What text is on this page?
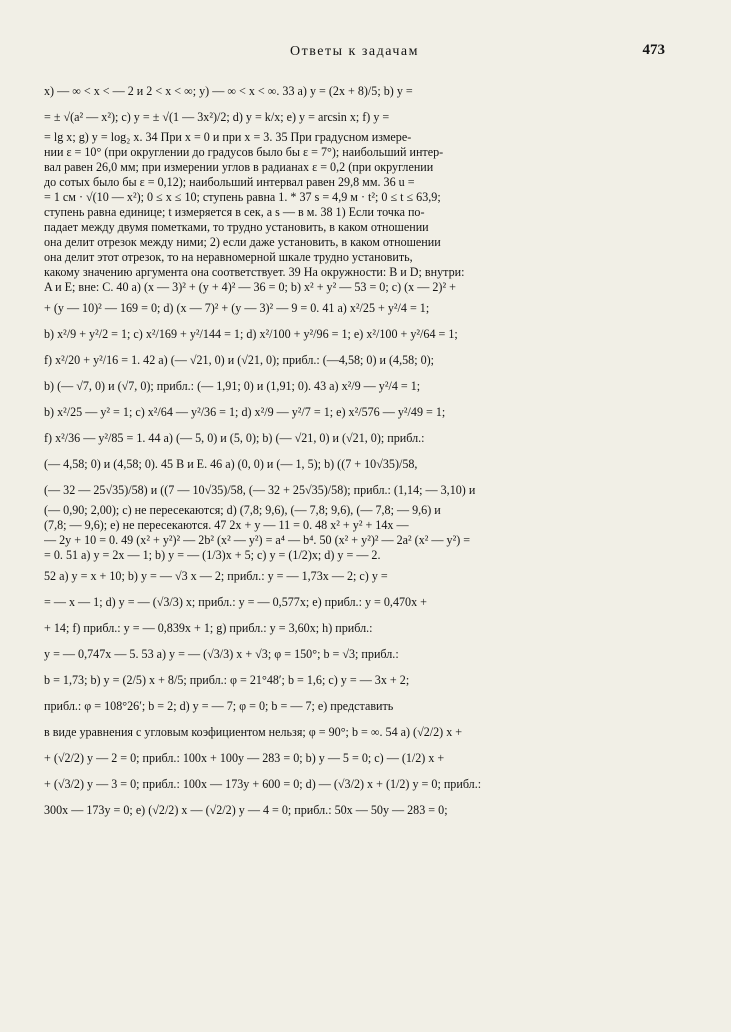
Ответы к задачам	473

x) — ∞ < x < — 2 и 2 < x < ∞; у) — ∞ < x < ∞. 33 a) y = (2x + 8)/5; b) y =

= ± √(a² — x²); c) y = ± √(1 — 3x²)/2; d) y = k/x; e) y = arcsin x; f) y =

= lg x; g) y = log₂ x. 34 При x = 0 и при x = 3. 35 При градусном измере-

нии ε = 10° (при округлении до градусов было бы ε = 7°); наибольший интер-

вал равен 26,0 мм; при измерении углов в радианах ε = 0,2 (при округлении

до сотых было бы ε = 0,12); наибольший интервал равен 29,8 мм. 36 u =

= 1 см · √(10 — x²); 0 ≤ x ≤ 10; ступень равна 1. * 37 s = 4,9 м · t²; 0 ≤ t ≤ 63,9;

ступень равна единице; t измеряется в сек, а s — в м. 38 1) Если точка по-

падает между двумя пометками, то трудно установить, в каком отношении

она делит отрезок между ними; 2) если даже установить, в каком отношении

она делит этот отрезок, то на неравномерной шкале трудно установить,

какому значению аргумента она соответствует. 39 На окружности: B и D; внутри:

A и E; вне: C. 40 a) (x — 3)² + (y + 4)² — 36 = 0; b) x² + y² — 53 = 0; c) (x — 2)² +

+ (y — 10)² — 169 = 0; d) (x — 7)² + (y — 3)² — 9 = 0. 41 a) x²/25 + y²/4 = 1;

b) x²/9 + y²/2 = 1; c) x²/169 + y²/144 = 1; d) x²/100 + y²/96 = 1; e) x²/100 + y²/64 = 1;

f) x²/20 + y²/16 = 1. 42 a) (— √21, 0) и (√21, 0); прибл.: (—4,58; 0) и (4,58; 0);

b) (— √7, 0) и (√7, 0); прибл.: (— 1,91; 0) и (1,91; 0). 43 a) x²/9 — y²/4 = 1;

b) x²/25 — y² = 1; c) x²/64 — y²/36 = 1; d) x²/9 — y²/7 = 1; e) x²/576 — y²/49 = 1;

f) x²/36 — y²/85 = 1. 44 a) (— 5, 0) и (5, 0); b) (— √21, 0) и (√21, 0); прибл.:

(— 4,58; 0) и (4,58; 0). 45 B и E. 46 a) (0, 0) и (— 1, 5); b) ((7 + 10√35)/58,

(— 32 — 25√35)/58) и ((7 — 10√35)/58, (— 32 + 25√35)/58); прибл.: (1,14; — 3,10) и

(— 0,90; 2,00); c) не пересекаются; d) (7,8; 9,6), (— 7,8; 9,6), (— 7,8; — 9,6) и

(7,8; — 9,6); e) не пересекаются. 47 2x + y — 11 = 0. 48 x² + y² + 14x —

— 2y + 10 = 0. 49 (x² + y²)² — 2b² (x² — y²) = a⁴ — b⁴. 50 (x² + y²)² — 2a² (x² — y²) =

= 0. 51 a) y = 2x — 1; b) y = — (1/3)x + 5; c) y = (1/2)x; d) y = — 2.

52 a) y = x + 10; b) y = — √3 x — 2; прибл.: y = — 1,73x — 2; c) y =

= — x — 1; d) y = — (√3/3) x; прибл.: y = — 0,577x; e) прибл.: y = 0,470x +

+ 14; f) прибл.: y = — 0,839x + 1; g) прибл.: y = 3,60x; h) прибл.:

y = — 0,747x — 5. 53 a) y = — (√3/3) x + √3; φ = 150°; b = √3; прибл.:

b = 1,73; b) y = (2/5) x + 8/5; прибл.: φ = 21°48′; b = 1,6; c) y = — 3x + 2;

прибл.: φ = 108°26′; b = 2; d) y = — 7; φ = 0; b = — 7; e) представить

в виде уравнения с угловым коэфициентом нельзя; φ = 90°; b = ∞. 54 a) (√2/2) x +

+ (√2/2) y — 2 = 0; прибл.: 100x + 100y — 283 = 0; b) y — 5 = 0; c) — (1/2) x +

+ (√3/2) y — 3 = 0; прибл.: 100x — 173y + 600 = 0; d) — (√3/2) x + (1/2) y = 0; прибл.:

300x — 173y = 0; e) (√2/2) x — (√2/2) y — 4 = 0; прибл.: 50x — 50y — 283 = 0;
